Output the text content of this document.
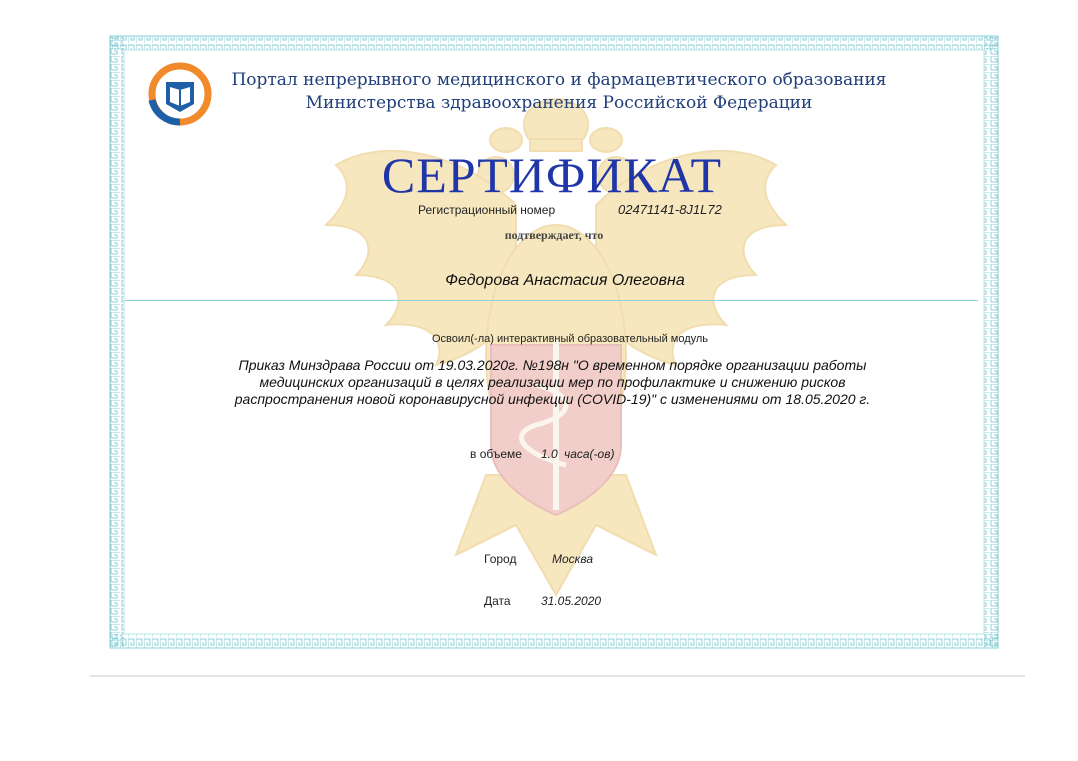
Портал непрерывного медицинского и фармацевтического образования
Министерства здравоохранения Российской Федерации
СЕРТИФИКАТ
Регистрационный номер	02471141-8J1L72
подтверждает, что
Федорова Анастасия Олеговна
Освоил(-ла) интерактивный образовательный модуль
Приказ Минздрава России от 19.03.2020г. №198н "О временном порядке организации работы медицинских организаций в целях реализации мер по профилактике и снижению рисков распространения новой коронавирусной инфекции (COVID-19)" с изменениями от 18.05.2020 г.
в объеме 1.0 часа(-ов)
Город	Москва
Дата	31.05.2020
